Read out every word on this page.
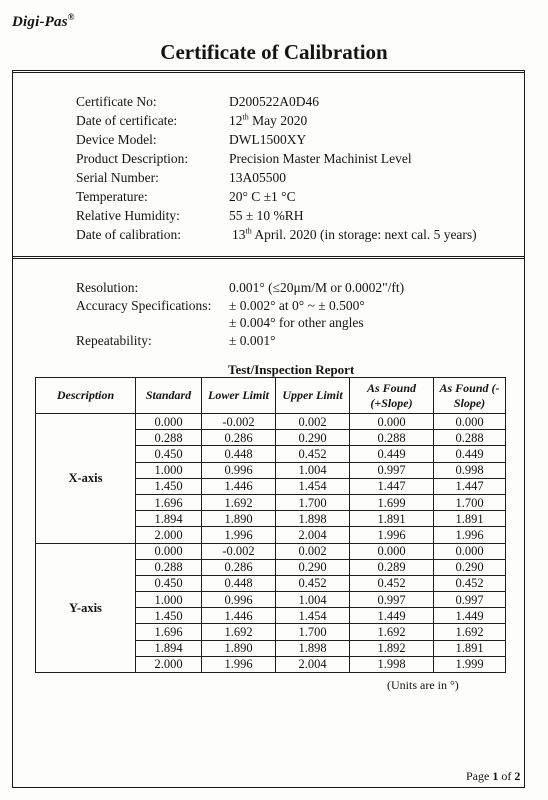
Digi-Pas®
Certificate of Calibration
Certificate No:	D200522A0D46
Date of certificate:	12th May 2020
Device Model:	DWL1500XY
Product Description:	Precision Master Machinist Level
Serial Number:	13A05500
Temperature:	20° C ±1 °C
Relative Humidity:	55 ± 10 %RH
Date of calibration:	13th April. 2020 (in storage: next cal. 5 years)
Resolution:	0.001° (≤20μm/M or 0.0002"/ft)
Accuracy Specifications:	± 0.002° at 0° ~ ± 0.500°
± 0.004° for other angles
Repeatability:	± 0.001°
Test/Inspection Report
Description	Standard	Lower Limit	Upper Limit	As Found (+Slope)	As Found (-Slope)
X-axis	0.000	-0.002	0.002	0.000	0.000
	0.288	0.286	0.290	0.288	0.288
	0.450	0.448	0.452	0.449	0.449
	1.000	0.996	1.004	0.997	0.998
	1.450	1.446	1.454	1.447	1.447
	1.696	1.692	1.700	1.699	1.700
	1.894	1.890	1.898	1.891	1.891
	2.000	1.996	2.004	1.996	1.996
Y-axis	0.000	-0.002	0.002	0.000	0.000
	0.288	0.286	0.290	0.289	0.290
	0.450	0.448	0.452	0.452	0.452
	1.000	0.996	1.004	0.997	0.997
	1.450	1.446	1.454	1.449	1.449
	1.696	1.692	1.700	1.692	1.692
	1.894	1.890	1.898	1.892	1.891
	2.000	1.996	2.004	1.998	1.999
(Units are in °)
Page 1 of 2
